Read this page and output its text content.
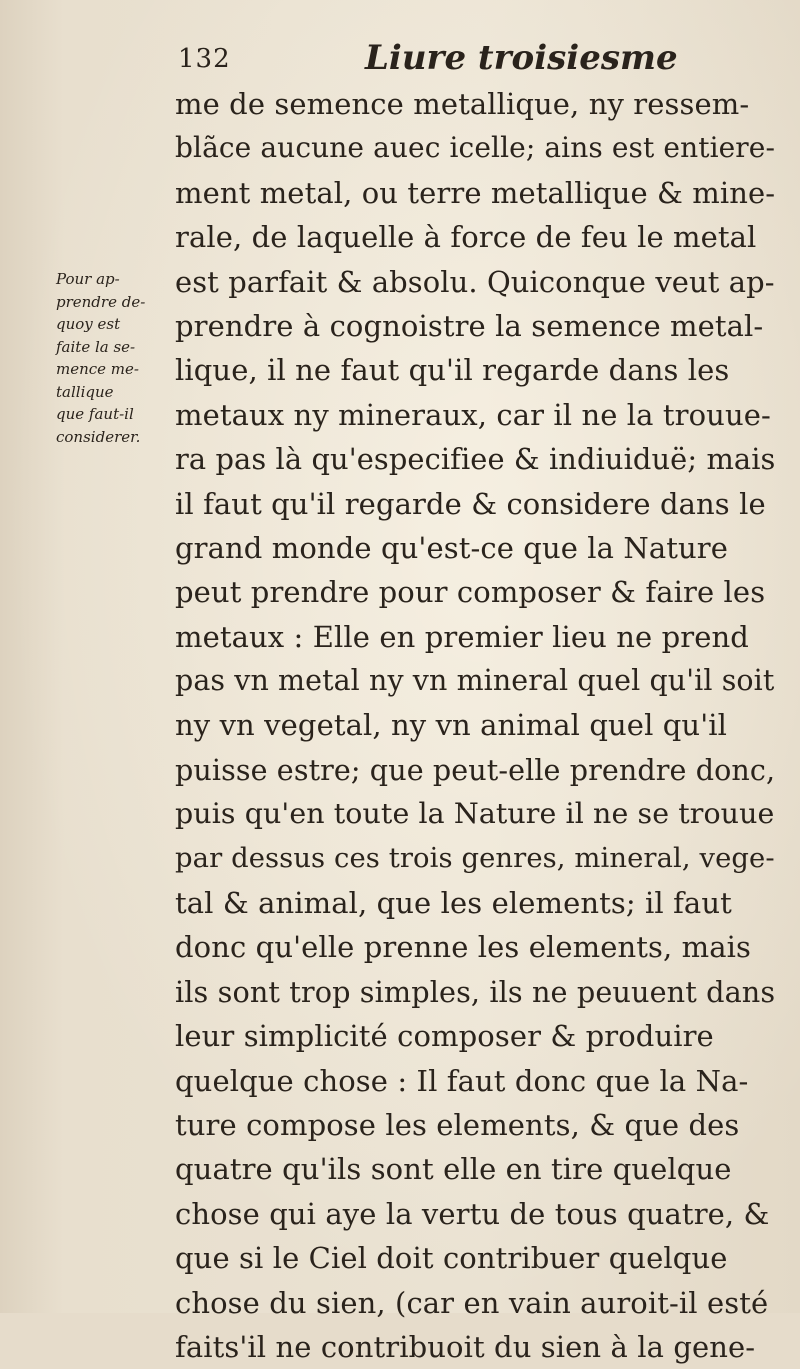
132	Liure troisiesme
Pour ap-
prendre de-
quoy est
faite la se-
mence me-
tallique
que faut-il
considerer.
me de semence metallique, ny ressem-
blãce aucune auec icelle; ains est entiere-
ment metal, ou terre metallique & mine-
rale, de laquelle à force de feu le metal
est parfait & absolu. Quiconque veut ap-
prendre à cognoistre la semence metal-
lique, il ne faut qu'il regarde dans les
metaux ny mineraux, car il ne la trouue-
ra pas là qu'especifiee & indiuiduë; mais
il faut qu'il regarde & considere dans le
grand monde qu'est-ce que la Nature
peut prendre pour composer & faire les
metaux : Elle en premier lieu ne prend
pas vn metal ny vn mineral quel qu'il soit
ny vn vegetal, ny vn animal quel qu'il
puisse estre; que peut-elle prendre donc,
puis qu'en toute la Nature il ne se trouue
par dessus ces trois genres, mineral, vege-
tal & animal, que les elements; il faut
donc qu'elle prenne les elements, mais
ils sont trop simples, ils ne peuuent dans
leur simplicité composer & produire
quelque chose : Il faut donc que la Na-
ture compose les elements, & que des
quatre qu'ils sont elle en tire quelque
chose qui aye la vertu de tous quatre, &
que si le Ciel doit contribuer quelque
chose du sien, (car en vain auroit-il esté
faits'il ne contribuoit du sien à la gene-
